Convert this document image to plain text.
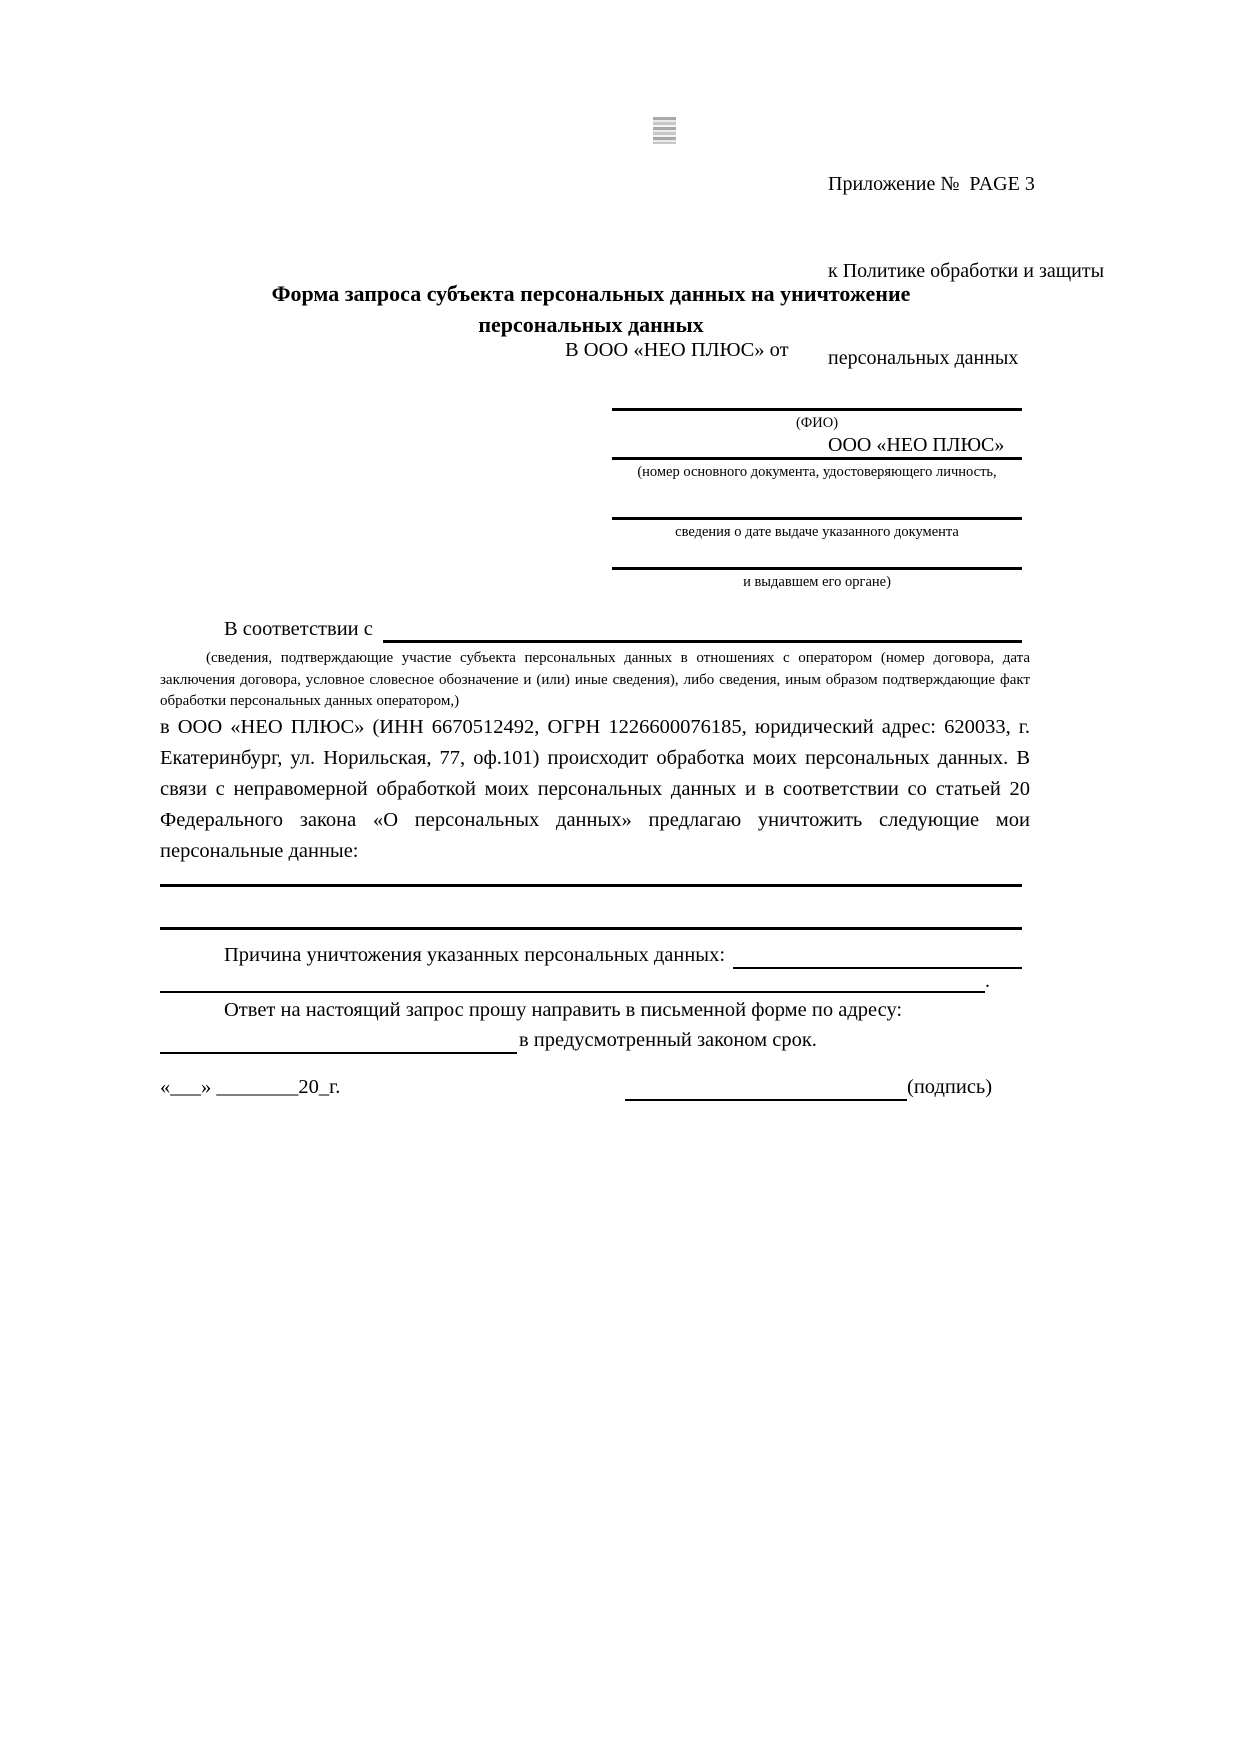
Приложение №  PAGE 3

к Политике обработки и защиты

персональных данных

ООО «НЕО ПЛЮС»

Форма запроса субъекта персональных данных на уничтожение
персональных данных
В ООО «НЕО ПЛЮС» от
(ФИО)
(номер основного документа, удостоверяющего личность,
сведения о дате выдаче указанного документа
и выдавшем его органе)
В соответствии с
(сведения, подтверждающие участие субъекта персональных данных в отношениях с оператором (номер договора, дата заключения договора, условное словесное обозначение и (или) иные сведения), либо сведения, иным образом подтверждающие факт обработки персональных данных оператором,)
в ООО «НЕО ПЛЮС» (ИНН 6670512492, ОГРН 1226600076185, юридический адрес: 620033, г. Екатеринбург, ул. Норильская, 77, оф.101) происходит обработка моих персональных данных. В связи с неправомерной обработкой моих персональных данных и в соответствии со статьей 20 Федерального закона «О персональных данных» предлагаю уничтожить следующие мои персональные данные:
Причина уничтожения указанных персональных данных:
.
Ответ на настоящий запрос прошу направить в письменной форме по адресу:
в предусмотренный законом срок.
«___» ________20_г.	(подпись)
